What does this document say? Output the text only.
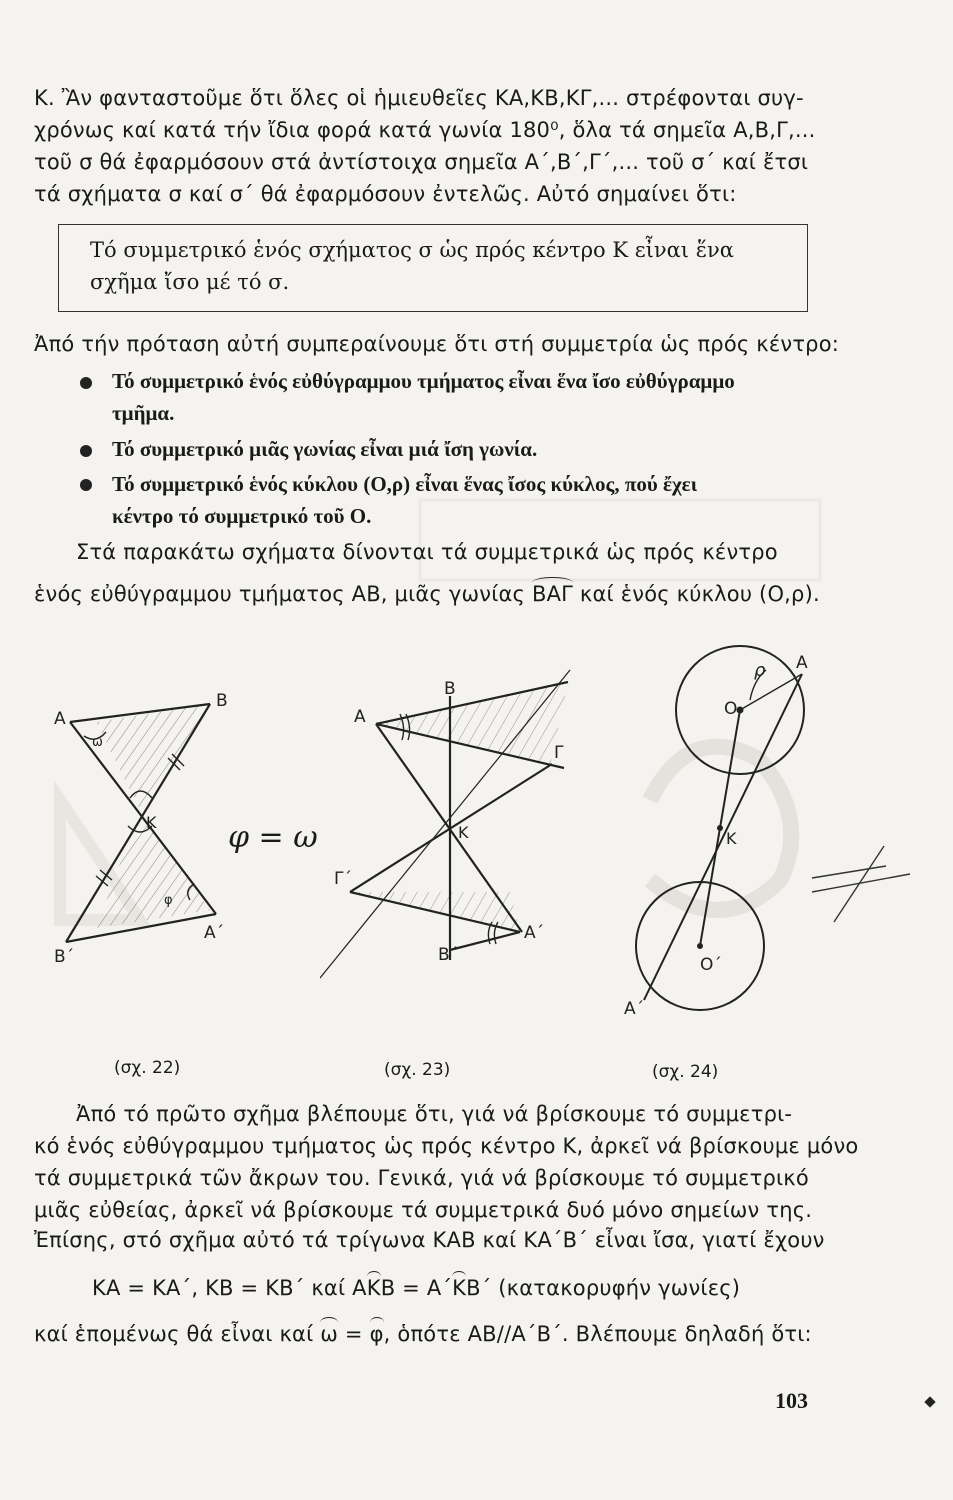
Κ. Ἂν φανταστοῦμε ὅτι ὅλες οἱ ἡμιευθεῖες ΚΑ,ΚΒ,ΚΓ,... στρέφονται συγ-
χρόνως καί κατά τήν ἴδια φορά κατά γωνία 180⁰, ὅλα τά σημεῖα Α,Β,Γ,...
τοῦ σ θά ἐφαρμόσουν στά ἀντίστοιχα σημεῖα Α΄,Β΄,Γ΄,... τοῦ σ΄ καί ἔτσι
τά σχήματα σ καί σ΄ θά ἐφαρμόσουν ἐντελῶς. Αὐτό σημαίνει ὅτι:
Τό συμμετρικό ἑνός σχήματος σ ὡς πρός κέντρο Κ εἶναι ἕνα
σχῆμα ἴσο μέ τό σ.
Ἀπό τήν πρόταση αὐτή συμπεραίνουμε ὅτι στή συμμετρία ὡς πρός κέντρο:
Τό συμμετρικό ἑνός εὐθύγραμμου τμήματος εἶναι ἕνα ἴσο εὐθύγραμμο
τμῆμα.
Τό συμμετρικό μιᾶς γωνίας εἶναι μιά ἴση γωνία.
Τό συμμετρικό ἑνός κύκλου (Ο,ρ) εἶναι ἕνας ἴσος κύκλος, πού ἔχει
κέντρο τό συμμετρικό τοῦ Ο.
Στά παρακάτω σχήματα δίνονται τά συμμετρικά ὡς πρός κέντρο
ἑνός εὐθύγραμμου τμήματος ΑΒ, μιᾶς γωνίας ΒΑΓ καί ἑνός κύκλου (Ο,ρ).
Α
Β
Κ
ω
φ
Α΄
Β΄
φ = ω
Α
Β
Γ
Κ
Γ΄
Α΄
Β΄
Α
Ο
ρ
Κ
Ο΄
Α΄
(σχ. 22)	(σχ. 23)	(σχ. 24)
Ἀπό τό πρῶτο σχῆμα βλέπουμε ὅτι, γιά νά βρίσκουμε τό συμμετρι-
κό ἑνός εὐθύγραμμου τμήματος ὡς πρός κέντρο Κ, ἀρκεῖ νά βρίσκουμε μόνο
τά συμμετρικά τῶν ἄκρων του. Γενικά, γιά νά βρίσκουμε τό συμμετρικό
μιᾶς εὐθείας, ἀρκεῖ νά βρίσκουμε τά συμμετρικά δυό μόνο σημείων της.
Ἐπίσης, στό σχῆμα αὐτό τά τρίγωνα ΚΑΒ καί ΚΑ΄Β΄ εἶναι ἴσα, γιατί ἔχουν
ΚΑ = ΚΑ΄, ΚΒ = ΚΒ΄ καί ΑΚΒ = Α΄ΚΒ΄ (κατακορυφήν γωνίες)
καί ἑπομένως θά εἶναι καί ω = φ, ὁπότε ΑΒ//Α΄Β΄. Βλέπουμε δηλαδή ὅτι:
103
